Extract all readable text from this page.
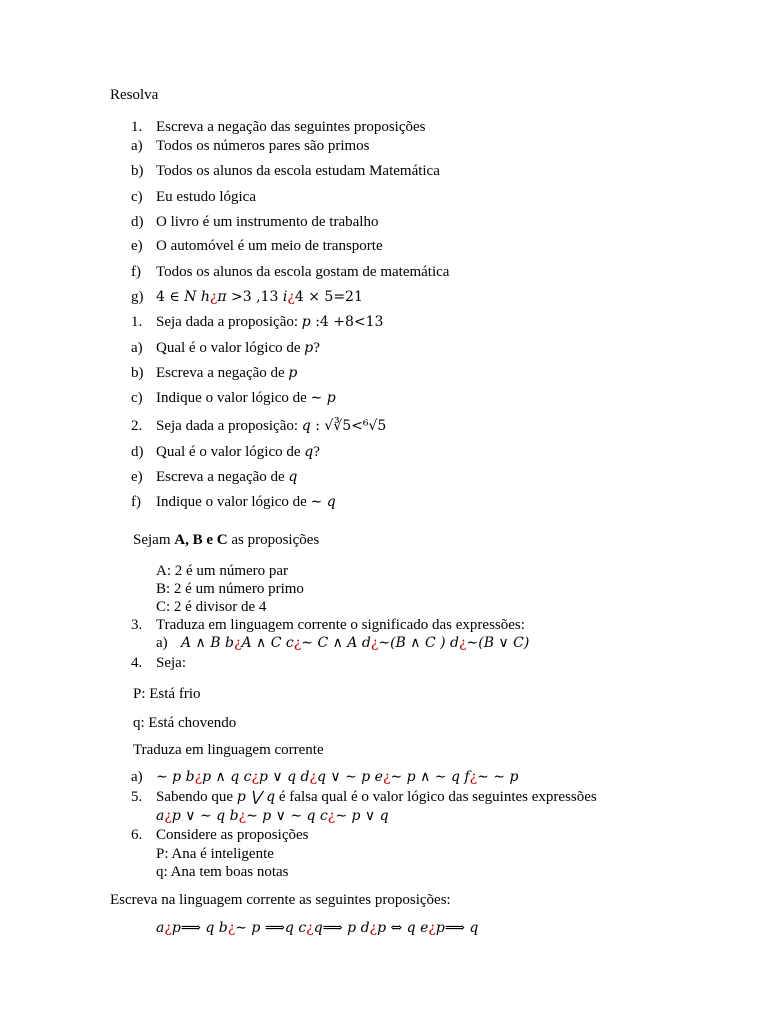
Resolva
1. Escreva a negação das seguintes proposições
a) Todos os números pares são primos
b) Todos os alunos da escola estudam Matemática
c) Eu estudo lógica
d) O livro é um instrumento de trabalho
e) O automóvel é um meio de transporte
f) Todos os alunos da escola gostam de matemática
g) 4 ∈ N h¿π >3 ,13 i¿4 × 5=21
1. Seja dada a proposição: p :4 +8<13
a) Qual é o valor lógico de p?
b) Escreva a negação de p
c) Indique o valor lógico de ∼ p
2. Seja dada a proposição: q : √∛5<⁶√5
d) Qual é o valor lógico de q?
e) Escreva a negação de q
f) Indique o valor lógico de ∼ q
Sejam A, B e C as proposições
A: 2 é um número par
B: 2 é um número primo
C: 2 é divisor de 4
3. Traduza em linguagem corrente o significado das expressões:
a) A ∧ B b¿A ∧ C c¿∼ C ∧ A d¿∼(B ∧ C ) d¿∼(B ∨ C)
4. Seja:
P: Está frio
q: Está chovendo
Traduza em linguagem corrente
a) ∼ p b¿p ∧ q c¿p ∨ q d¿q ∨ ∼ p e¿∼ p ∧ ∼ q f¿∼ ∼ p
5. Sabendo que p ⋁ q é falsa qual é o valor lógico das seguintes expressões
a¿p ∨ ∼ q b¿∼ p ∨ ∼ q c¿∼ p ∨ q
6. Considere as proposições
P: Ana é inteligente
q: Ana tem boas notas
Escreva na linguagem corrente as seguintes proposições:
a¿p⟹ q b¿∼ p ⟹q c¿q⟹ p d¿p ⇔ q e¿p⟹ q
